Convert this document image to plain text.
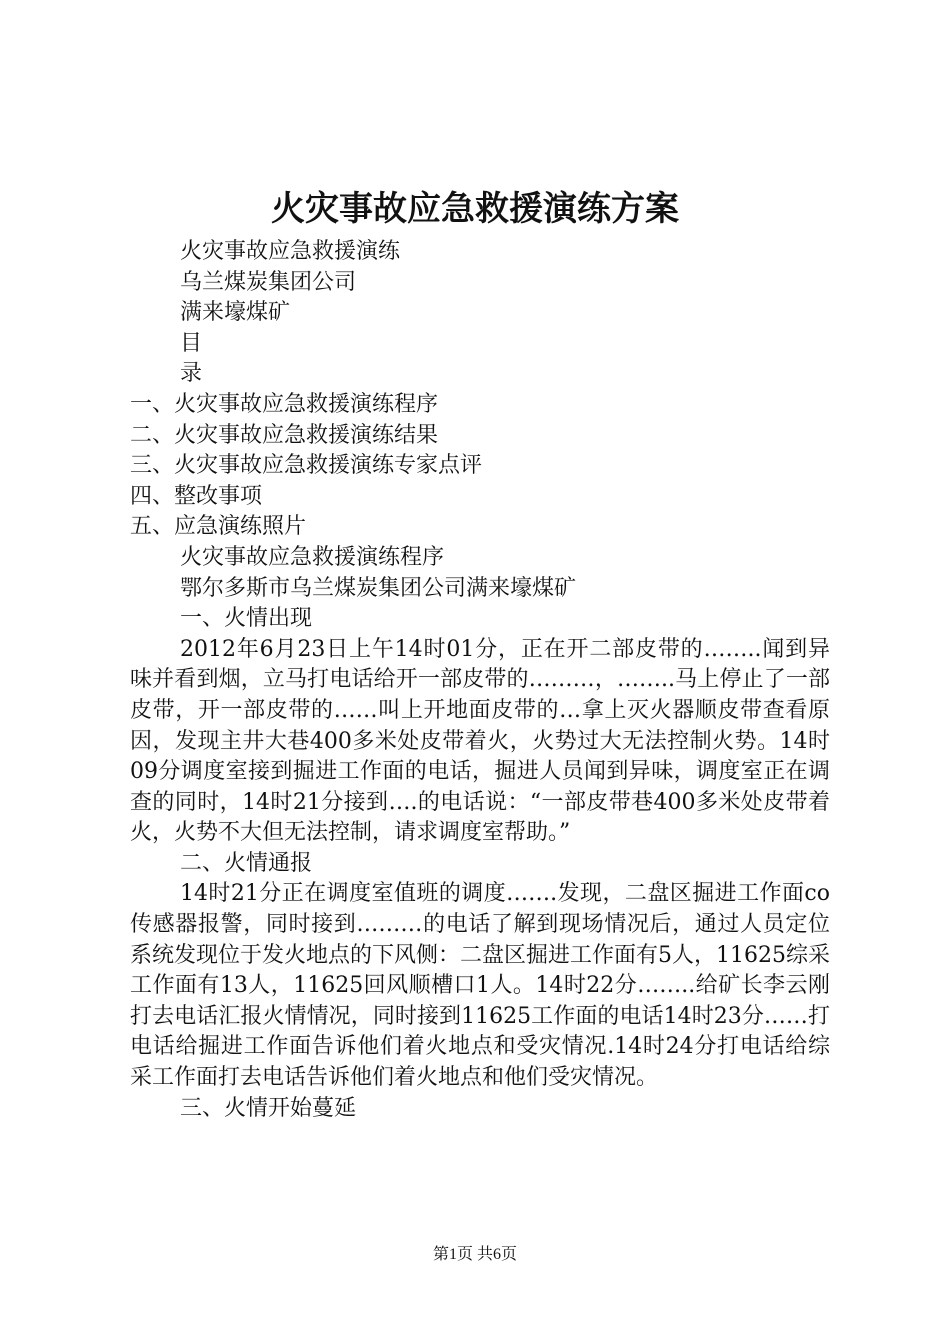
火灾事故应急救援演练方案
火灾事故应急救援演练
乌兰煤炭集团公司
满来壕煤矿
目
录
一、火灾事故应急救援演练程序
二、火灾事故应急救援演练结果
三、火灾事故应急救援演练专家点评
四、整改事项
五、应急演练照片
火灾事故应急救援演练程序
鄂尔多斯市乌兰煤炭集团公司满来壕煤矿
一、火情出现

2012年6月23日上午14时01分，正在开二部皮带的……..闻到异味并看到烟，立马打电话给开一部皮带的………，……..马上停止了一部皮带，开一部皮带的……叫上开地面皮带的…拿上灭火器顺皮带查看原因，发现主井大巷400多米处皮带着火，火势过大无法控制火势。14时09分调度室接到掘进工作面的电话，掘进人员闻到异味，调度室正在调查的同时，14时21分接到….的电话说：“一部皮带巷400多米处皮带着火，火势不大但无法控制，请求调度室帮助。”

二、火情通报

14时21分正在调度室值班的调度…….发现，二盘区掘进工作面co传感器报警，同时接到………的电话了解到现场情况后，通过人员定位系统发现位于发火地点的下风侧：二盘区掘进工作面有5人，11625综采工作面有13人，11625回风顺槽口1人。14时22分……..给矿长李云刚打去电话汇报火情情况，同时接到11625工作面的电话14时23分……打电话给掘进工作面告诉他们着火地点和受灾情况.14时24分打电话给综采工作面打去电话告诉他们着火地点和他们受灾情况。

三、火情开始蔓延
第1页 共6页
